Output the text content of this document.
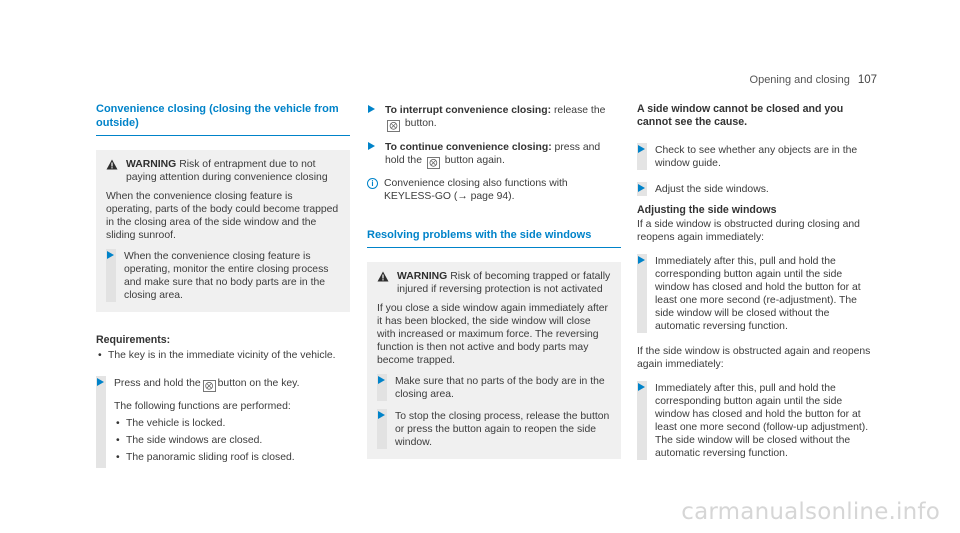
Opening and closing 107
Convenience closing (closing the vehicle from outside)
WARNING Risk of entrapment due to not paying attention during convenience closing

When the convenience closing feature is operating, parts of the body could become trapped in the closing area of the side window and the sliding sunroof.

When the convenience closing feature is operating, monitor the entire closing process and make sure that no body parts are in the closing area.
Requirements:
• The key is in the immediate vicinity of the vehicle.
Press and hold the ⨂ button on the key.
The following functions are performed:
• The vehicle is locked.
• The side windows are closed.
• The panoramic sliding roof is closed.
To interrupt convenience closing: release the
⨂ button.
To continue convenience closing: press and hold the ⨂ button again.
i Convenience closing also functions with KEYLESS-GO (→ page 94).
Resolving problems with the side windows
WARNING Risk of becoming trapped or fatally injured if reversing protection is not activated

If you close a side window again immediately after it has been blocked, the side window will close with increased or maximum force. The reversing function is then not active and body parts may become trapped.

Make sure that no parts of the body are in the closing area.
To stop the closing process, release the button or press the button again to reopen the side window.
A side window cannot be closed and you cannot see the cause.
Check to see whether any objects are in the window guide.
Adjust the side windows.
Adjusting the side windows

If a side window is obstructed during closing and reopens again immediately:

Immediately after this, pull and hold the corresponding button again until the side window has closed and hold the button for at least one more second (re-adjustment). The side window will be closed without the automatic reversing function.

If the side window is obstructed again and reopens again immediately:

Immediately after this, pull and hold the corresponding button again until the side window has closed and hold the button for at least one more second (follow-up adjustment). The side window will be closed without the automatic reversing function.
carmanualsonline.info
